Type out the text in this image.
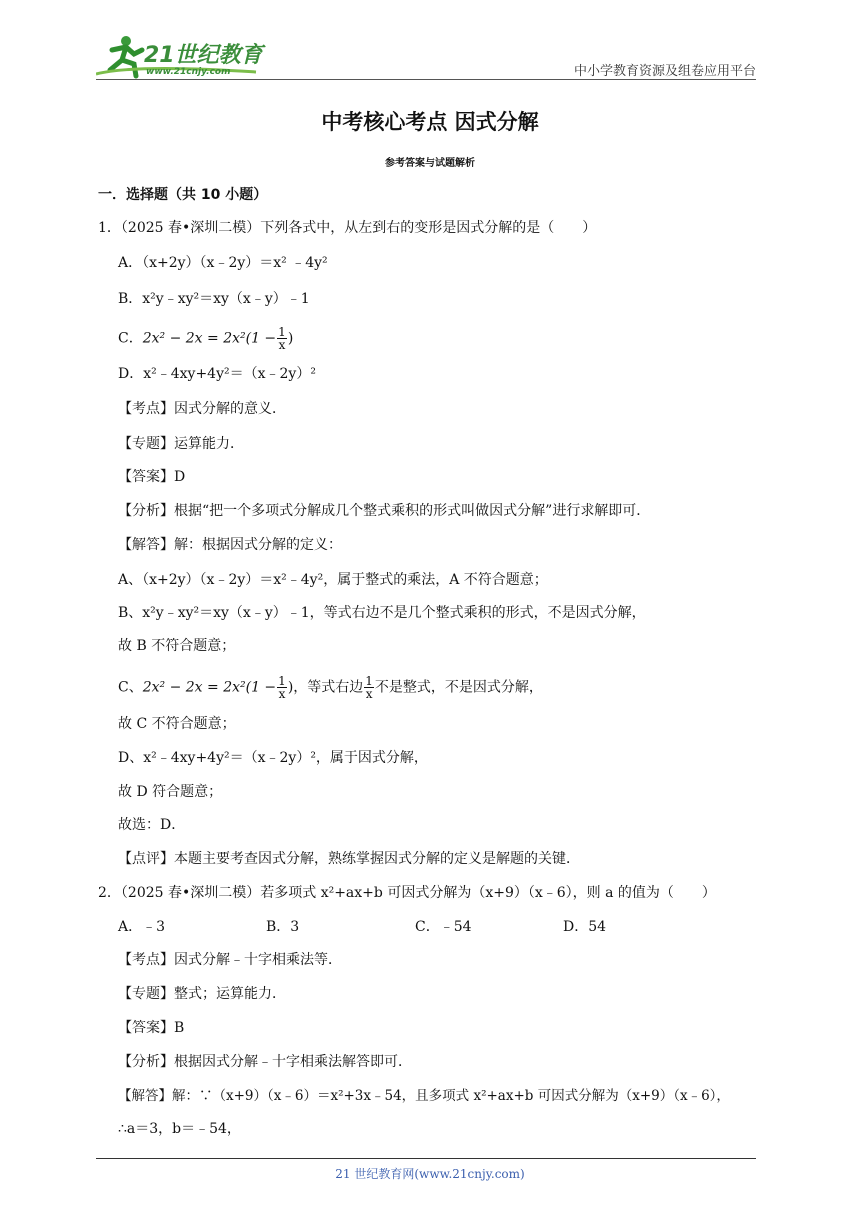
21世纪教育
www.21cnjy.com	中小学教育资源及组卷应用平台
中考核心考点 因式分解
参考答案与试题解析
一．选择题（共 10 小题）
1．（2025 春•深圳二模）下列各式中，从左到右的变形是因式分解的是（　　）
A．（x+2y）（x﹣2y）＝x² ﹣4y²
B．x²y﹣xy²＝xy（x﹣y）﹣1
C．$2x^2 - 2x = 2x^2(1 - \frac{1}{x}$ )
D．x²﹣4xy+4y²＝（x﹣2y）²
【考点】因式分解的意义．
【专题】运算能力．
【答案】D
【分析】根据“把一个多项式分解成几个整式乘积的形式叫做因式分解”进行求解即可．
【解答】解：根据因式分解的定义：
A、（x+2y）（x﹣2y）＝x²﹣4y²，属于整式的乘法，A 不符合题意；
B、x²y﹣xy²＝xy（x﹣y）﹣1，等式右边不是几个整式乘积的形式，不是因式分解，
故 B 不符合题意；
C、$2x^2 - 2x = 2x^2(1 - \frac{1}{x}$ )，等式右边 $\frac{1}{x}$ 不是整式，不是因式分解，
故 C 不符合题意；
D、x²﹣4xy+4y²＝（x﹣2y）²，属于因式分解，
故 D 符合题意；
故选：D．
【点评】本题主要考查因式分解，熟练掌握因式分解的定义是解题的关键．
2．（2025 春•深圳二模）若多项式 x²+ax+b 可因式分解为（x+9）（x﹣6），则 a 的值为（　　）
A．﹣3	B．3	C．﹣54	D．54
【考点】因式分解﹣十字相乘法等．
【专题】整式；运算能力．
【答案】B
【分析】根据因式分解﹣十字相乘法解答即可．
【解答】解：∵（x+9）（x﹣6）＝x²+3x﹣54，且多项式 x²+ax+b 可因式分解为（x+9）（x﹣6），
∴a＝3，b＝﹣54，
21 世纪教育网(www.21cnjy.com)
